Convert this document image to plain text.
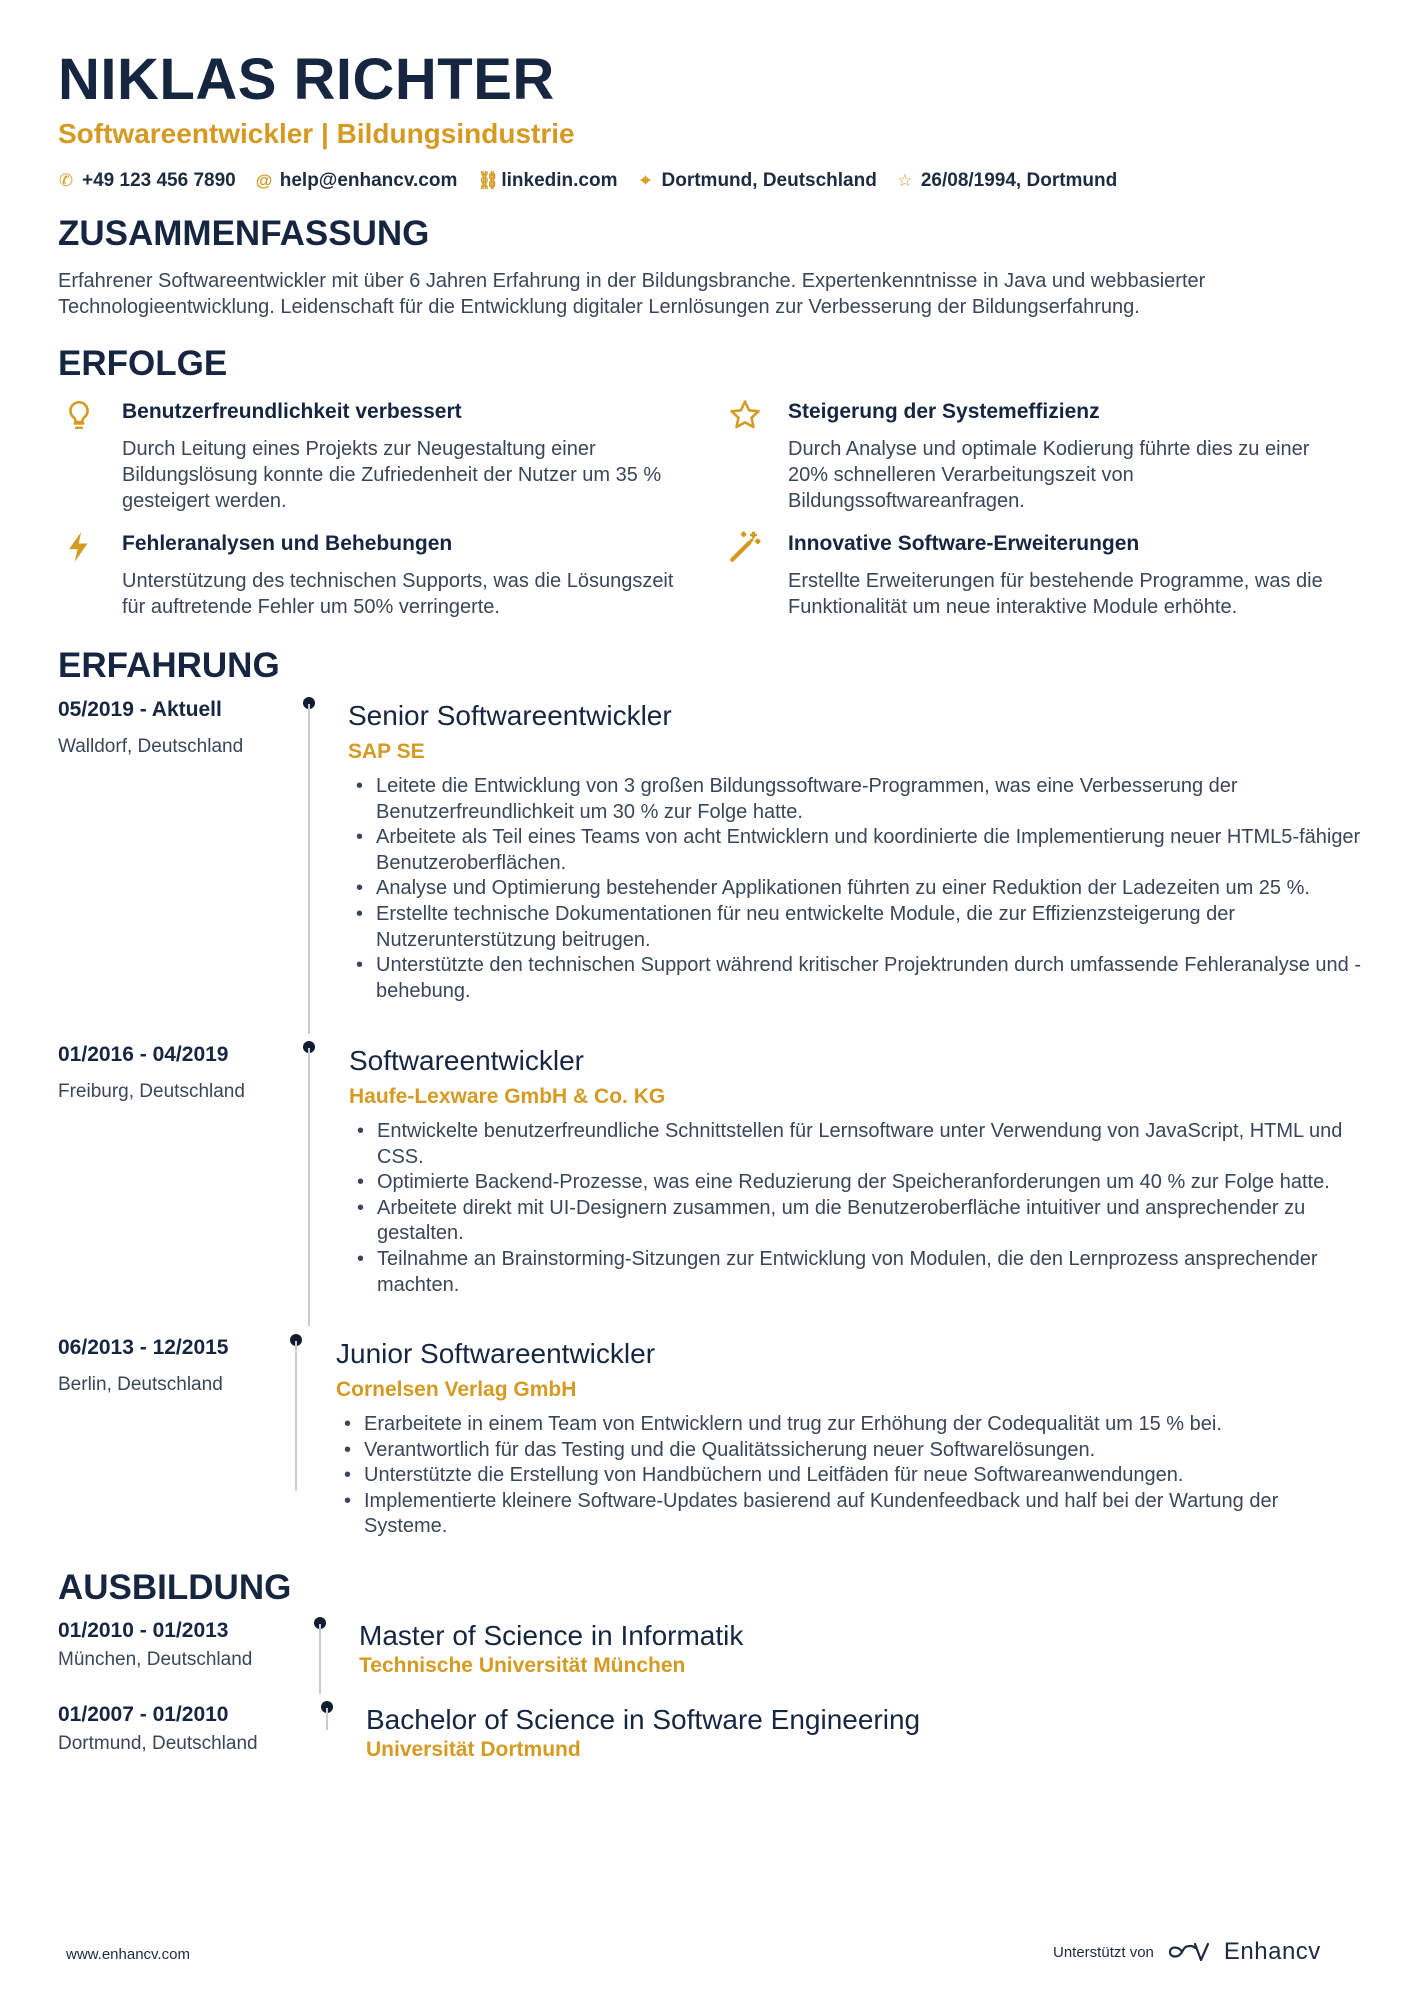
NIKLAS RICHTER
Softwareentwickler | Bildungsindustrie
✆ +49 123 456 7890 @ help@enhancv.com ⛓ linkedin.com ⌖ Dortmund, Deutschland ☆ 26/08/1994, Dortmund
ZUSAMMENFASSUNG
Erfahrener Softwareentwickler mit über 6 Jahren Erfahrung in der Bildungsbranche. Expertenkenntnisse in Java und webbasierter Technologieentwicklung. Leidenschaft für die Entwicklung digitaler Lernlösungen zur Verbesserung der Bildungserfahrung.
ERFOLGE
Benutzerfreundlichkeit verbessert
Durch Leitung eines Projekts zur Neugestaltung einer Bildungslösung konnte die Zufriedenheit der Nutzer um 35 % gesteigert werden.
Steigerung der Systemeffizienz
Durch Analyse und optimale Kodierung führte dies zu einer 20% schnelleren Verarbeitungszeit von Bildungssoftwareanfragen.
Fehleranalysen und Behebungen
Unterstützung des technischen Supports, was die Lösungszeit für auftretende Fehler um 50% verringerte.
Innovative Software-Erweiterungen
Erstellte Erweiterungen für bestehende Programme, was die Funktionalität um neue interaktive Module erhöhte.
ERFAHRUNG
05/2019 - Aktuell
Walldorf, Deutschland
Senior Softwareentwickler
SAP SE
• Leitete die Entwicklung von 3 großen Bildungssoftware-Programmen, was eine Verbesserung der Benutzerfreundlichkeit um 30 % zur Folge hatte.
• Arbeitete als Teil eines Teams von acht Entwicklern und koordinierte die Implementierung neuer HTML5-fähiger Benutzeroberflächen.
• Analyse und Optimierung bestehender Applikationen führten zu einer Reduktion der Ladezeiten um 25 %.
• Erstellte technische Dokumentationen für neu entwickelte Module, die zur Effizienzsteigerung der Nutzerunterstützung beitrugen.
• Unterstützte den technischen Support während kritischer Projektrunden durch umfassende Fehleranalyse und -behebung.
01/2016 - 04/2019
Freiburg, Deutschland
Softwareentwickler
Haufe-Lexware GmbH & Co. KG
• Entwickelte benutzerfreundliche Schnittstellen für Lernsoftware unter Verwendung von JavaScript, HTML und CSS.
• Optimierte Backend-Prozesse, was eine Reduzierung der Speicheranforderungen um 40 % zur Folge hatte.
• Arbeitete direkt mit UI-Designern zusammen, um die Benutzeroberfläche intuitiver und ansprechender zu gestalten.
• Teilnahme an Brainstorming-Sitzungen zur Entwicklung von Modulen, die den Lernprozess ansprechender machten.
06/2013 - 12/2015
Berlin, Deutschland
Junior Softwareentwickler
Cornelsen Verlag GmbH
• Erarbeitete in einem Team von Entwicklern und trug zur Erhöhung der Codequalität um 15 % bei.
• Verantwortlich für das Testing und die Qualitätssicherung neuer Softwarelösungen.
• Unterstützte die Erstellung von Handbüchern und Leitfäden für neue Softwareanwendungen.
• Implementierte kleinere Software-Updates basierend auf Kundenfeedback und half bei der Wartung der Systeme.
AUSBILDUNG
01/2010 - 01/2013
München, Deutschland
Master of Science in Informatik
Technische Universität München
01/2007 - 01/2010
Dortmund, Deutschland
Bachelor of Science in Software Engineering
Universität Dortmund
www.enhancv.com	Unterstützt von	Enhancv
